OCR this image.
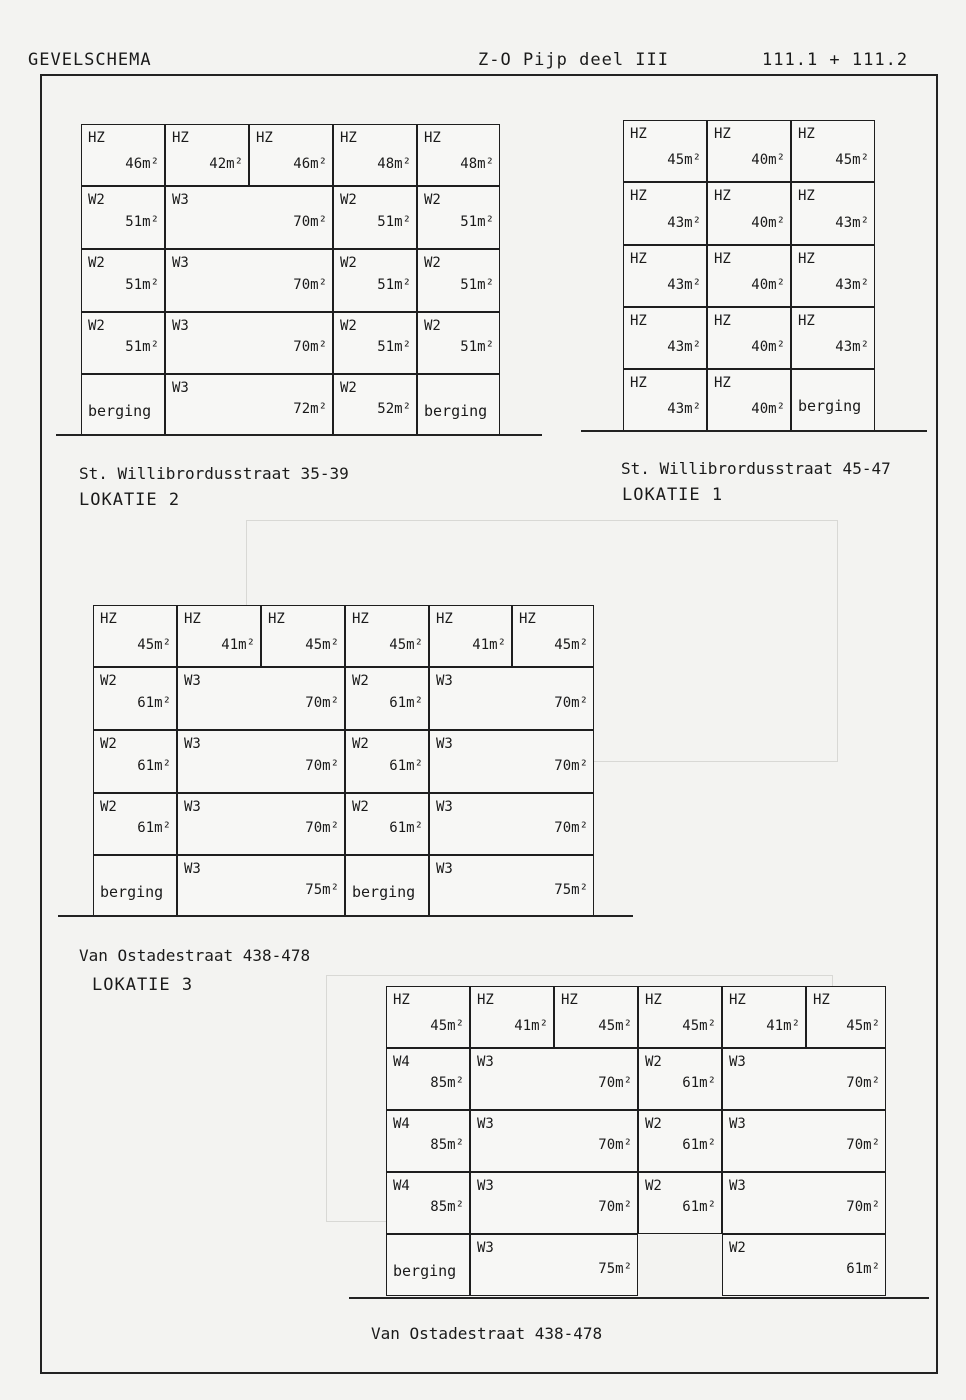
GEVELSCHEMA	Z-O Pijp deel III	111.1 + 111.2
HZ
46m²
HZ
42m²
HZ
46m²
HZ
48m²
HZ
48m²
W2
51m²
W3
70m²
W2
51m²
W2
51m²
W2
51m²
W3
70m²
W2
51m²
W2
51m²
W2
51m²
W3
70m²
W2
51m²
W2
51m²
berging
W3
72m²
W2
52m² berging
St. Willibrordusstraat 35-39
LOKATIE 2
HZ
45m²
HZ
40m²
HZ
45m²
HZ
43m²
HZ
40m²
HZ
43m²
HZ
43m²
HZ
40m²
HZ
43m²
HZ
43m²
HZ
40m²
HZ
43m²
HZ
43m²
HZ
40m² berging
St. Willibrordusstraat 45-47
LOKATIE 1
HZ
45m²
HZ
41m²
HZ
45m²
HZ
45m²
HZ
41m²
HZ
45m²
W2
61m²
W3
70m²
W2
61m²
W3
70m²
W2
61m²
W3
70m²
W2
61m²
W3
70m²
W2
61m²
W3
70m²
W2
61m²
W3
70m²
berging
W3
75m² berging
W3
75m²
Van Ostadestraat 438-478
LOKATIE 3
HZ
45m²
HZ
41m²
HZ
45m²
HZ
45m²
HZ
41m²
HZ
45m²
W4
85m²
W3
70m²
W2
61m²
W3
70m²
W4
85m²
W3
70m²
W2
61m²
W3
70m²
W4
85m²
W3
70m²
W2
61m²
W3
70m²
berging
W3
75m²
W2
61m²
Van Ostadestraat 438-478
